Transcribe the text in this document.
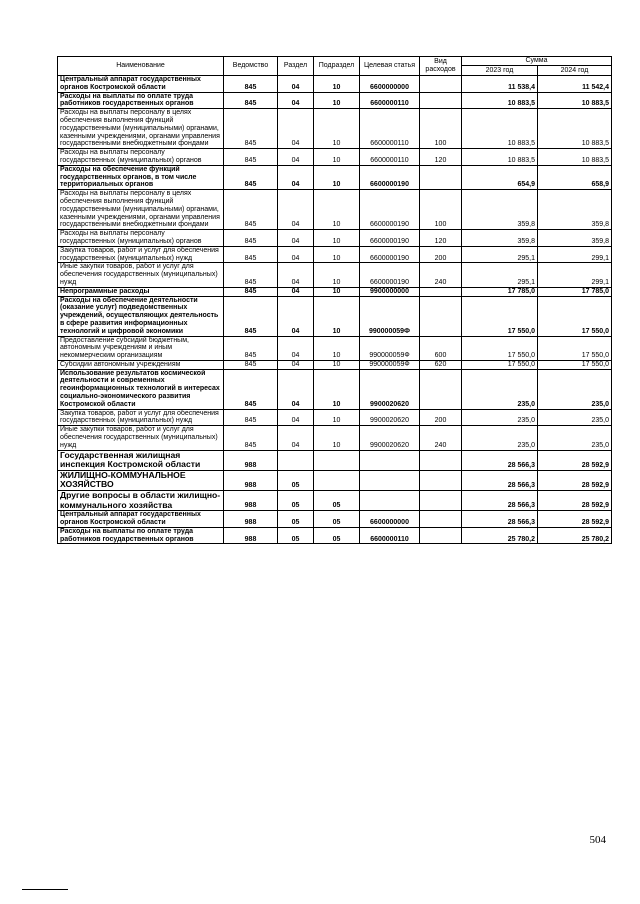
Наименование	Ведомство	Раздел	Подраздел	Целевая статья	Вид расходов	Сумма	
						2023 год	2024 год
Центральный аппарат государственных органов Костромской области	845	04	10	6600000000		11 538,4	11 542,4
Расходы на выплаты по оплате труда работников государственных органов	845	04	10	6600000110		10 883,5	10 883,5
Расходы на выплаты персоналу в целях обеспечения выполнения функций государственными (муниципальными) органами, казенными учреждениями, органами управления государственными внебюджетными фондами	845	04	10	6600000110	100	10 883,5	10 883,5
Расходы на выплаты персоналу государственных (муниципальных) органов	845	04	10	6600000110	120	10 883,5	10 883,5
Расходы на обеспечение функций государственных органов, в том числе территориальных органов	845	04	10	6600000190		654,9	658,9
Расходы на выплаты персоналу в целях обеспечения выполнения функций государственными (муниципальными) органами, казенными учреждениями, органами управления государственными внебюджетными фондами	845	04	10	6600000190	100	359,8	359,8
Расходы на выплаты персоналу государственных (муниципальных) органов	845	04	10	6600000190	120	359,8	359,8
Закупка товаров, работ и услуг для обеспечения государственных (муниципальных) нужд	845	04	10	6600000190	200	295,1	299,1
Иные закупки товаров, работ и услуг для обеспечения государственных (муниципальных) нужд	845	04	10	6600000190	240	295,1	299,1
Непрограммные расходы	845	04	10	9900000000		17 785,0	17 785,0
Расходы на обеспечение деятельности (оказание услуг) подведомственных учреждений, осуществляющих деятельность в сфере развития информационных технологий и цифровой экономики	845	04	10	990000059Ф		17 550,0	17 550,0
Предоставление субсидий бюджетным, автономным учреждениям и иным некоммерческим организациям	845	04	10	990000059Ф	600	17 550,0	17 550,0
Субсидии автономным учреждениям	845	04	10	990000059Ф	620	17 550,0	17 550,0
Использование результатов космической деятельности и современных геоинформационных технологий в интересах социально-экономического развития Костромской области	845	04	10	9900020620		235,0	235,0
Закупка товаров, работ и услуг для обеспечения государственных (муниципальных) нужд	845	04	10	9900020620	200	235,0	235,0
Иные закупки товаров, работ и услуг для обеспечения государственных (муниципальных) нужд	845	04	10	9900020620	240	235,0	235,0
Государственная жилищная инспекция Костромской области	988					28 566,3	28 592,9
ЖИЛИЩНО-КОММУНАЛЬНОЕ ХОЗЯЙСТВО	988	05				28 566,3	28 592,9
Другие вопросы в области жилищно-коммунального хозяйства	988	05	05			28 566,3	28 592,9
Центральный аппарат государственных органов Костромской области	988	05	05	6600000000		28 566,3	28 592,9
Расходы на выплаты по оплате труда работников государственных органов	988	05	05	6600000110		25 780,2	25 780,2
504
